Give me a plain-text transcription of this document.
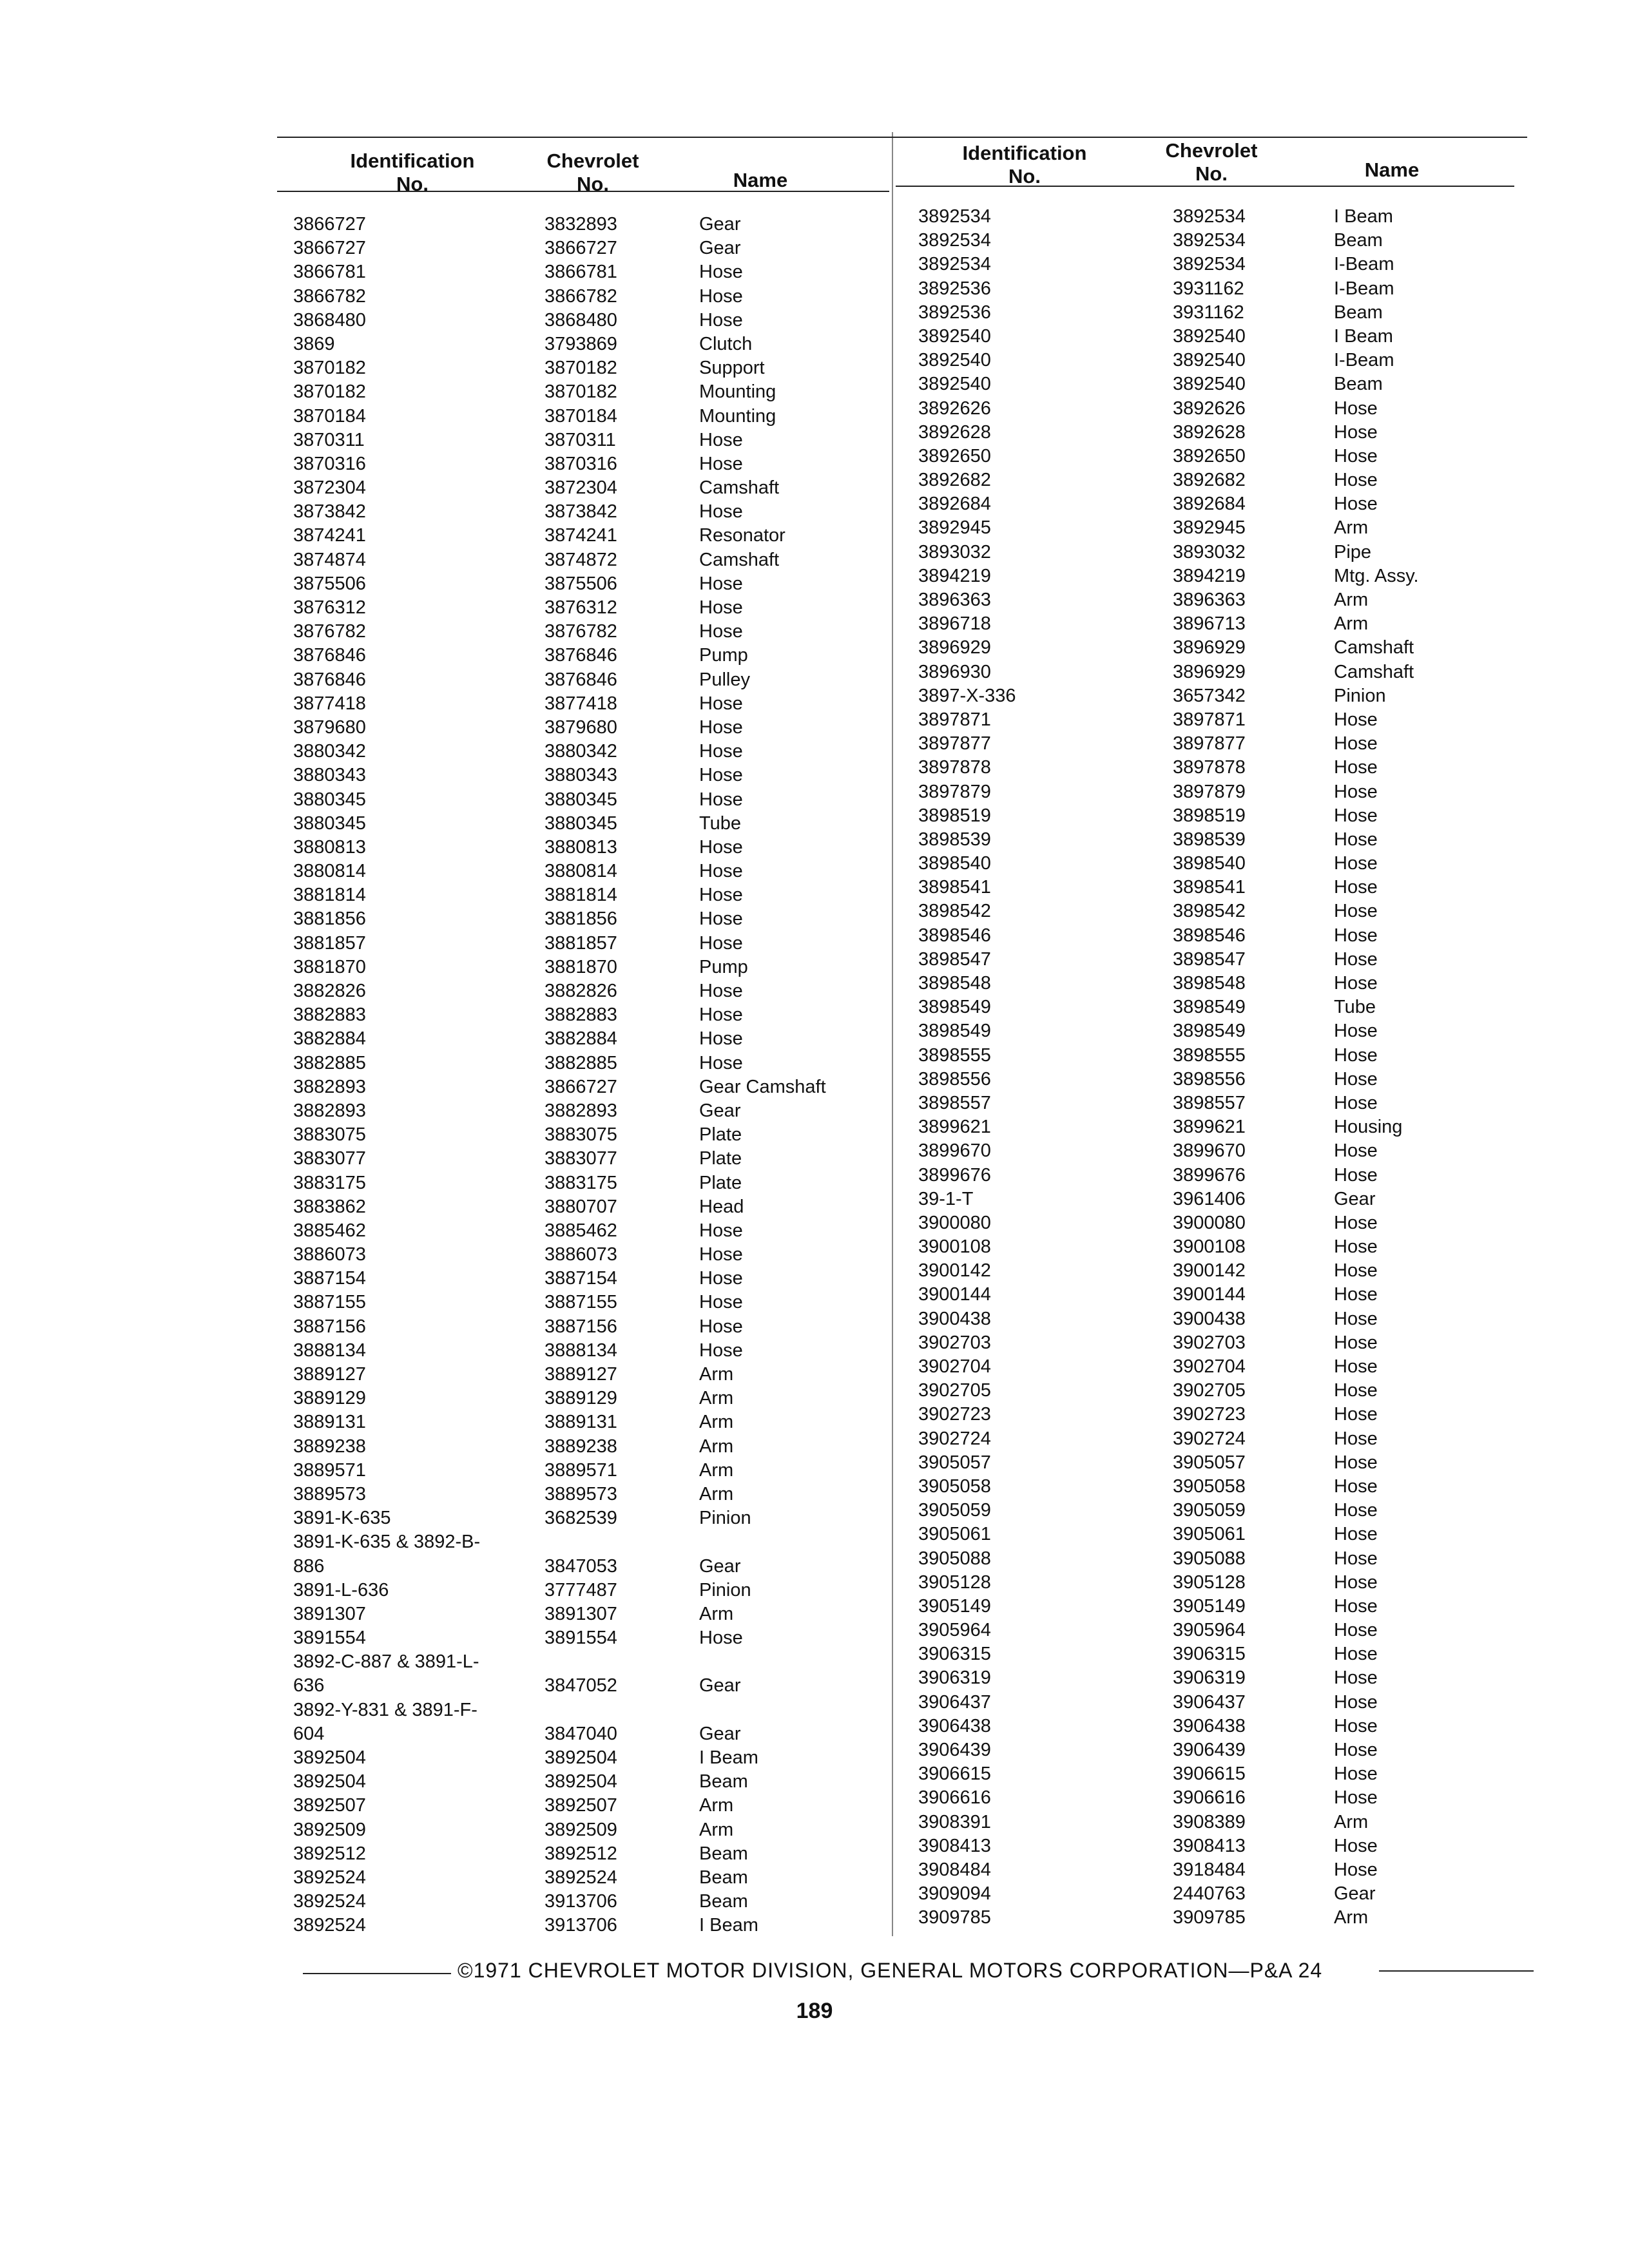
Identification
No.
Chevrolet
No.	Name
Identification
No.
Chevrolet
No.	Name
3866727	3832893	Gear
3866727	3866727	Gear
3866781	3866781	Hose
3866782	3866782	Hose
3868480	3868480	Hose
3869	3793869	Clutch
3870182	3870182	Support
3870182	3870182	Mounting
3870184	3870184	Mounting
3870311	3870311	Hose
3870316	3870316	Hose
3872304	3872304	Camshaft
3873842	3873842	Hose
3874241	3874241	Resonator
3874874	3874872	Camshaft
3875506	3875506	Hose
3876312	3876312	Hose
3876782	3876782	Hose
3876846	3876846	Pump
3876846	3876846	Pulley
3877418	3877418	Hose
3879680	3879680	Hose
3880342	3880342	Hose
3880343	3880343	Hose
3880345	3880345	Hose
3880345	3880345	Tube
3880813	3880813	Hose
3880814	3880814	Hose
3881814	3881814	Hose
3881856	3881856	Hose
3881857	3881857	Hose
3881870	3881870	Pump
3882826	3882826	Hose
3882883	3882883	Hose
3882884	3882884	Hose
3882885	3882885	Hose
3882893	3866727	Gear Camshaft
3882893	3882893	Gear
3883075	3883075	Plate
3883077	3883077	Plate
3883175	3883175	Plate
3883862	3880707	Head
3885462	3885462	Hose
3886073	3886073	Hose
3887154	3887154	Hose
3887155	3887155	Hose
3887156	3887156	Hose
3888134	3888134	Hose
3889127	3889127	Arm
3889129	3889129	Arm
3889131	3889131	Arm
3889238	3889238	Arm
3889571	3889571	Arm
3889573	3889573	Arm
3891-K-635	3682539	Pinion
3891-K-635 & 3892-B-
886	3847053	Gear
3891-L-636	3777487	Pinion
3891307	3891307	Arm
3891554	3891554	Hose
3892-C-887 & 3891-L-
636	3847052	Gear
3892-Y-831 & 3891-F-
604	3847040	Gear
3892504	3892504	I Beam
3892504	3892504	Beam
3892507	3892507	Arm
3892509	3892509	Arm
3892512	3892512	Beam
3892524	3892524	Beam
3892524	3913706	Beam
3892524	3913706	I Beam
3892534	3892534	I Beam
3892534	3892534	Beam
3892534	3892534	I-Beam
3892536	3931162	I-Beam
3892536	3931162	Beam
3892540	3892540	I Beam
3892540	3892540	I-Beam
3892540	3892540	Beam
3892626	3892626	Hose
3892628	3892628	Hose
3892650	3892650	Hose
3892682	3892682	Hose
3892684	3892684	Hose
3892945	3892945	Arm
3893032	3893032	Pipe
3894219	3894219	Mtg. Assy.
3896363	3896363	Arm
3896718	3896713	Arm
3896929	3896929	Camshaft
3896930	3896929	Camshaft
3897-X-336	3657342	Pinion
3897871	3897871	Hose
3897877	3897877	Hose
3897878	3897878	Hose
3897879	3897879	Hose
3898519	3898519	Hose
3898539	3898539	Hose
3898540	3898540	Hose
3898541	3898541	Hose
3898542	3898542	Hose
3898546	3898546	Hose
3898547	3898547	Hose
3898548	3898548	Hose
3898549	3898549	Tube
3898549	3898549	Hose
3898555	3898555	Hose
3898556	3898556	Hose
3898557	3898557	Hose
3899621	3899621	Housing
3899670	3899670	Hose
3899676	3899676	Hose
39-1-T	3961406	Gear
3900080	3900080	Hose
3900108	3900108	Hose
3900142	3900142	Hose
3900144	3900144	Hose
3900438	3900438	Hose
3902703	3902703	Hose
3902704	3902704	Hose
3902705	3902705	Hose
3902723	3902723	Hose
3902724	3902724	Hose
3905057	3905057	Hose
3905058	3905058	Hose
3905059	3905059	Hose
3905061	3905061	Hose
3905088	3905088	Hose
3905128	3905128	Hose
3905149	3905149	Hose
3905964	3905964	Hose
3906315	3906315	Hose
3906319	3906319	Hose
3906437	3906437	Hose
3906438	3906438	Hose
3906439	3906439	Hose
3906615	3906615	Hose
3906616	3906616	Hose
3908391	3908389	Arm
3908413	3908413	Hose
3908484	3918484	Hose
3909094	2440763	Gear
3909785	3909785	Arm
©1971 CHEVROLET MOTOR DIVISION, GENERAL MOTORS CORPORATION—P&A 24
189
